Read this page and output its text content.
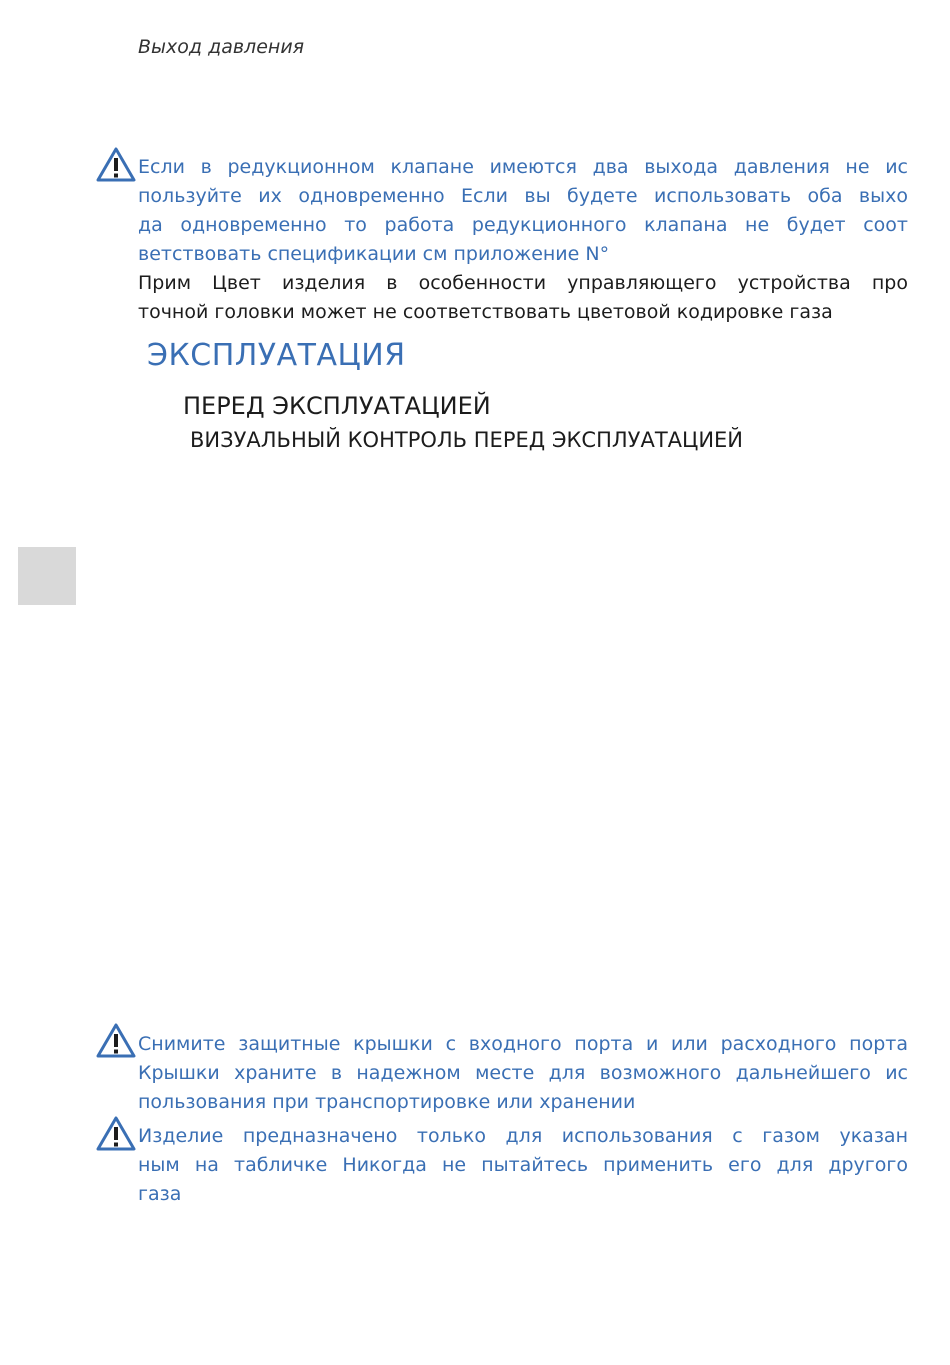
Выход давления

Если в редукционном клапане имеются два выхода давления не ис
пользуйте их одновременно Если вы будете использовать оба выхо
да одновременно то работа редукционного клапана не будет соот
ветствовать спецификации см приложение N°

Прим Цвет изделия в особенности управляющего устройства про
точной головки может не соответствовать цветовой кодировке газа

ЭКСПЛУАТАЦИЯ
ПЕРЕД ЭКСПЛУАТАЦИЕЙ
ВИЗУАЛЬНЫЙ КОНТРОЛЬ ПЕРЕД ЭКСПЛУАТАЦИЕЙ

Снимите защитные крышки с входного порта и или расходного порта
Крышки храните в надежном месте для возможного дальнейшего ис
пользования при транспортировке или хранении

Изделие предназначено только для использования с газом указан
ным на табличке Никогда не пытайтесь применить его для другого
газа
